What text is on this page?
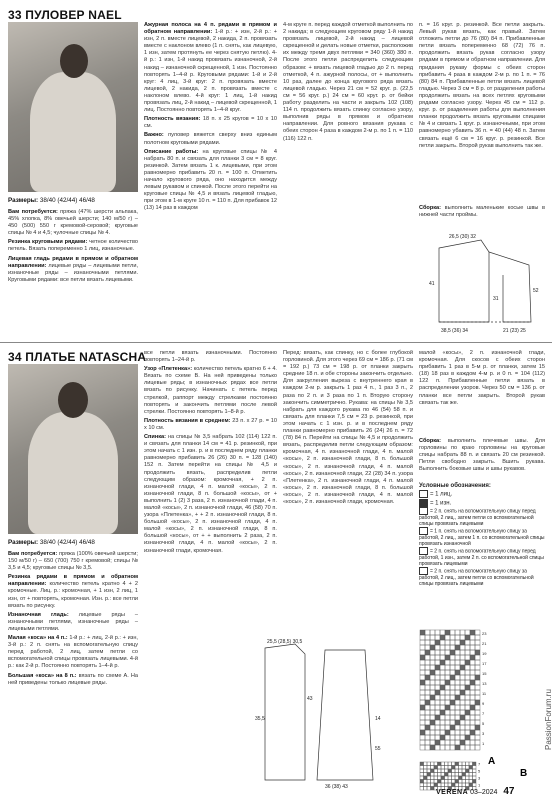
33 ПУЛОВЕР NAEL
Размеры: 38/40 (42/44) 46/48

Вам потребуется: пряжа (47% шерсти альпака, 45% хлопка, 8% овечьей шерсти; 140 м/50 г) – 450 (500) 550 г кремовой-серовой; круговые спицы № 4 и 4,5; чулочные спицы № 4.

Резинка круговыми рядами: четное количество петель. Вязать попеременно 1 лиц, изнаночные.

Лицевая гладь рядами в прямом и обратном направлении: лицевые ряды – лицевыми петли, изнаночные ряды – изнаночными петлями. Круговыми рядами: все петли вязать лицевыми.

Ажурная полоса на 4 п. рядами в прямом и обратном направлении: 1-й р.: + изн, 2-й р.: + изн, 2 п. вместе лицевой, 2 накида, 2 п. провязать вместе с наклоном влево (1 п. снять, как лицевую, 1 изн, затем протянуть ее через снятую петлю). 4-й р.: 1 изн, 1-й накид провязать изнаночной, 2-й накид – изнаночной скрещенной, 1 изн. Постоянно повторять 1–4-й р. Круговыми рядами: 1-й и 2-й круг: 4 лиц, 3-й круг: 2 п. провязать вместе лицевой, 2 накида, 2 п. провязать вместе с наклоном влево. 4-й круг: 1 лиц, 1-й накид провязать лиц, 2-й накид – лицевой скрещенной, 1 лиц. Постоянно повторять 1–4-й круг.

Плотность вязания: 18 п. x 25 кругов = 10 x 10 см.

Важно: пуловер вяжется сверху вниз единым полотном круговыми рядами.

Описание работы: на круговые спицы № 4 набрать 80 п. и связать для планки 3 см = 8 круг. резинкой. Затем вязать 1 к. лицевыми, при этом равномерно прибавить 20 п. = 100 п. Отметить начало кругового ряда, оно находится между левым рукавом и спинкой. После этого перейти на круговые спицы № 4,5 и вязать лицевой гладью, при этом в 1-м круге 10 п. = 110 п. Для прибавок 12 (13) 14 раз в каждом

4-м круге п. перед каждой отметкой выполнить по 2 накида; в следующем круговом ряду 1-й накид провязать лицевой, 2-й накид – лицевой скрещенной и делать новые отметки, расположив их между тремя двух петлями = 340 (360) 380 п. После этого петли распределить следующим образом: + вязать лицевой гладью до 2 п. перед отметкой, 4 п. ажурной полосы, от + выполнить 10 раз, далее до конца кругового ряда вязать лицевой гладью. Через 21 см = 52 круг. р. (22,5 см = 56 круг. р.) 24 см = 60 круг. р. от бейки работу разделить на части и закрыть 102 (108) 114 п. продолжить вязать спинку согласно узору, выполнив ряды в прямом и обратном направлении. Для ровного вязания рукава с обеих сторон 4 раза в каждом 2-м р. по 1 п. = 110 (116) 122 п.
п. = 16 круг. р. резинкой. Все петли закрыть. Левый рукав вязать, как правый. Затем отложить петли до 76 (80) 84 п. Прибавленные петли вязать попеременно 68 (72) 76 п. продолжить вязать рукав согласно узору рядами в прямом и обратном направлении. Для придания рукаву формы с обеих сторон прибавить 4 раза в каждом 2-м р. по 1 п. = 76 (80) 84 п. Прибавленные петли вязать лицевой гладью. Через 3 см = 8 р. от разделения работы продолжить вязать на всех петлях круговыми рядами согласно узору. Через 45 см = 112 р. круг. р. от разделения работы для выполнения планки продолжить вязать круговыми спицами № 4 и связать 1 круг. р. изнаночными, при этом равномерно убавить 36 п. = 40 (44) 48 п. Затем связать ещё 6 см = 16 круг. р. резинкой. Все петли закрыть. Второй рукав выполнить так же.
Сборка: выполнить маленькие косые швы в нижней части проймы.
26,5 (30) 32
41
31
52
38,5 (36) 34	21 (23) 25
34 ПЛАТЬЕ NATASCHA
Размеры: 38/40 (42/44) 46/48

Вам потребуется: пряжа (100% овечьей шерсти; 150 м/50 г) – 650 (700) 750 г кремовой; спицы № 3,5 и 4,5; круговые спицы № 3,5.

Резинка рядами в прямом и обратном направлении: количество петель кратно 4 + 2 кромочные. Лиц. р.: кромочная, + 1 изн, 2 лиц, 1 изн, от + повторять, кромочная. Изн. р.: все петли вязать по рисунку.

Изнаночная гладь: лицевые ряды – изнаночными петлями, изнаночные ряды – лицевыми петлями.

Малая «коса» на 4 п.: 1-й р.: + лиц, 2-й р.: + изн, 3-й р.: 2 п. снять на вспомогательную спицу перед работой, 2 лиц, затем петли со вспомогательной спицы провязать лицевыми. 4-й р.: как 2-й р. Постоянно повторять 1–4-й р.

Большая «коса» на 8 п.: вязать по схеме А. На ней приведены только лицевые ряды.

все петли вязать изнаночными. Постоянно повторять 1–24-й р.

Узор «Плетенка»: количество петель кратно 6 + 4. Вязать по схеме В. На ней приведены только лицевые ряды; в изнаночных рядах все петли вязать по рисунку. Начинать с петель перед стрелкой, раппорт между стрелками постоянно повторять и закончить петлями после левой стрелки. Постоянно повторять 1–8-й р.

Плотность вязания в среднем: 23 п. x 27 р. = 10 x 10 см.

Спинка: на спицы № 3,5 набрать 102 (114) 122 п. и связать для планки 14 см = 41 р. резинкой, при этом начать с 1 изн. р. и в последнем ряду планки равномерно прибавить 26 (26) 30 п. = 128 (140) 152 п. Затем перейти на спицы № 4,5 и продолжить вязать, распределив петли следующим образом: кромочная, + 2 п. изнаночной глади, 4 п. малой «косы», 2 п. изнаночной глади, 8 п. большой «косы», от + выполнить 1 (2) 3 раза, 2 п. изнаночной глади, 4 п. малой «косы», 2 п. изнаночной глади, 46 (58) 70 п. узора «Плетенка», + + 2 п. изнаночной глади, 8 п. большой «косы», 2 п. изнаночной глади, 4 п. малой «косы», 2 п. изнаночной глади, 8 п. большой «косы», от + + выполнить 2 раза, 2 п. изнаночной глади, 4 п. малой «косы», 2 п. изнаночной глади, кромочная.

Перед: вязать, как спинку, но с более глубокой горловиной. Для этого через 69 см = 186 р. (71 см = 192 р.) 73 см = 198 р. от планки закрыть средние 18 п. и обе стороны закончить отдельно. Для закругления выреза с внутреннего края в каждом 2-м р. закрыть 1 раз 4 п., 1 раз 3 п., 2 раза по 2 п. и 3 раза по 1 п. Вторую сторону закончить симметрично. Рукава: на спицы № 3,5 набрать для каждого рукава по 46 (54) 58 п. и связать для планки 7,5 см = 23 р. резинкой, при этом начать с 1 изн. р. и в последнем ряду планки равномерно прибавить 26 (24) 26 п. = 72 (78) 84 п. Перейти на спицы № 4,5 и продолжить вязать, распределив петли следующим образом: кромочная, 4 п. изнаночной глади, 4 п. малой «косы», 2 п. изнаночной глади, 8 п. большой «косы», 2 п. изнаночной глади, 4 п. малой «косы», 2 п. изнаночной глади, 22 (28) 34 п. узора «Плетенка», 2 п. изнаночной глади, 4 п. малой «косы», 2 п. изнаночной глади, 8 п. большой «косы», 2 п. изнаночной глади, 4 п. малой «косы», 2 п. изнаночной глади, кромочная.
малой «косы», 2 п. изнаночной глади, кромочная. Для скосов с обеих сторон прибавить 1 раз в 5-м р. от планки, затем 15 (18) 18 раз в каждом 4-м р. и 0 п. = 104 (112) 122 п. Прибавленные петли вязать в распределении узоров. Через 50 см = 136 р. от планки все петли закрыть. Второй рукав связать так же.
Сборка: выполнить плечевые швы. Для горловины по краю горловины на круговые спицы набрать 88 п. и связать 20 см резинкой. Петли свободно закрыть. Вшить рукава. Выполнить боковые швы и швы рукавов.
Условные обозначения:
= 1 лиц.
= 1 изн.
= 2 п. снять на вспомогательную спицу перед работой, 2 лиц., затем петли со вспомогательной спицы провязать лицевыми
= 1 п. снять на вспомогательную спицу за работой, 2 лиц., затем 1 п. со вспомогательной спицы провязать изнаночной
= 2 п. снять на вспомогательную спицу перед работой, 1 изн., затем 2 п. со вспомогательной спицы провязать лицевыми
= 2 п. снять на вспомогательную спицу за работой, 2 лиц., затем петли со вспомогательной спицы провязать лицевыми
23
21
19
17
15
13
11
9
7
5
3
1
A
7
5
3
1
B
25,5 (28,5) 30,5
35,5
43
14
55
36 (38) 43
VERENA 03–2024 47
PassionForum.ru
